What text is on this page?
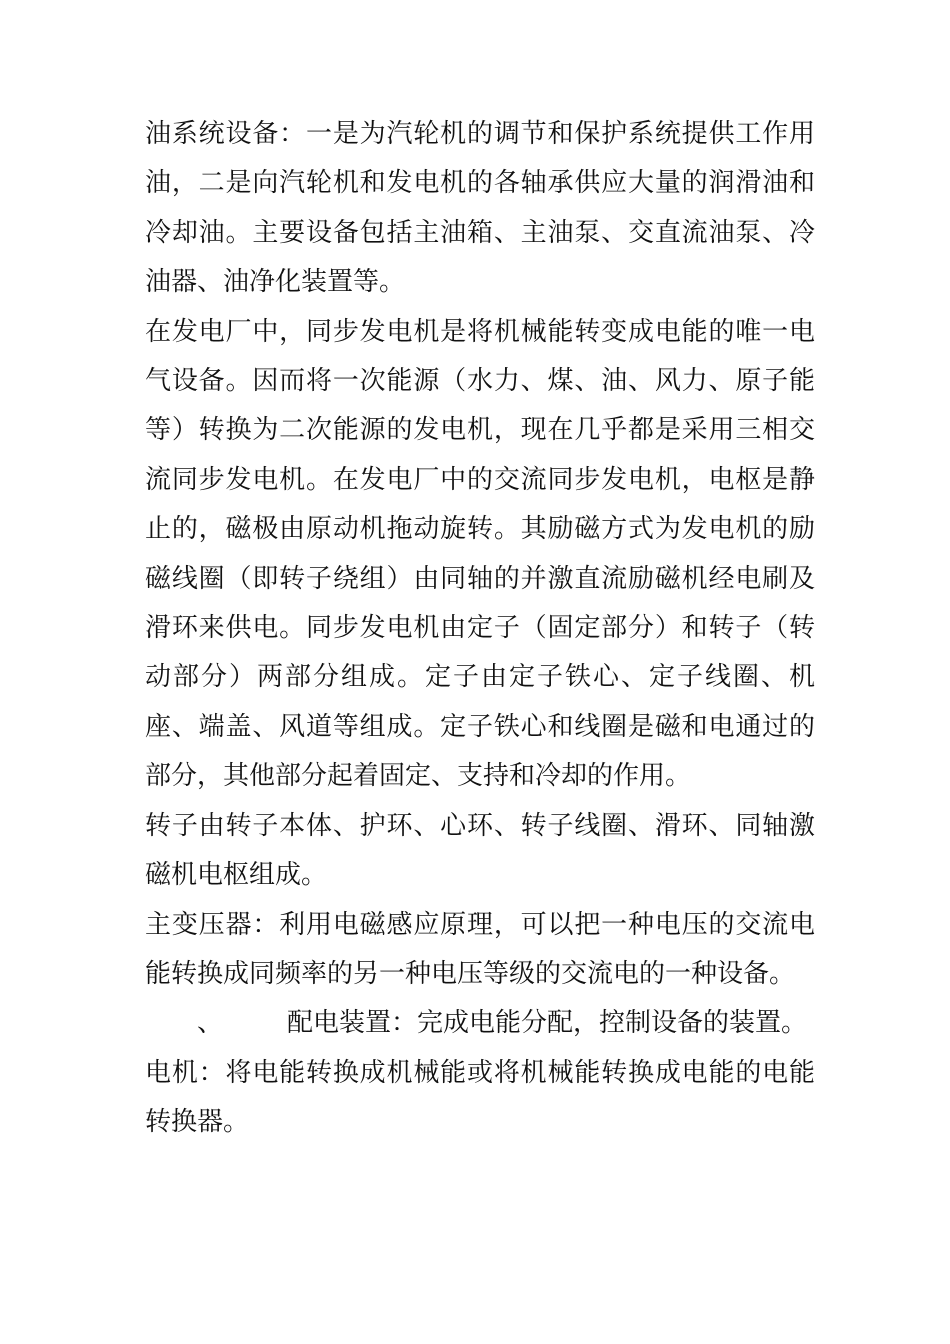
油系统设备：一是为汽轮机的调节和保护系统提供工作用油，二是向汽轮机和发电机的各轴承供应大量的润滑油和冷却油。主要设备包括主油箱、主油泵、交直流油泵、冷油器、油净化装置等。

在发电厂中，同步发电机是将机械能转变成电能的唯一电气设备。因而将一次能源（水力、煤、油、风力、原子能等）转换为二次能源的发电机，现在几乎都是采用三相交流同步发电机。在发电厂中的交流同步发电机，电枢是静止的，磁极由原动机拖动旋转。其励磁方式为发电机的励磁线圈（即转子绕组）由同轴的并激直流励磁机经电刷及滑环来供电。同步发电机由定子（固定部分）和转子（转动部分）两部分组成。定子由定子铁心、定子线圈、机座、端盖、风道等组成。定子铁心和线圈是磁和电通过的部分，其他部分起着固定、支持和冷却的作用。

转子由转子本体、护环、心环、转子线圈、滑环、同轴激磁机电枢组成。

主变压器：利用电磁感应原理，可以把一种电压的交流电能转换成同频率的另一种电压等级的交流电的一种设备。

、 配电装置：完成电能分配，控制设备的装置。

电机：将电能转换成机械能或将机械能转换成电能的电能转换器。
